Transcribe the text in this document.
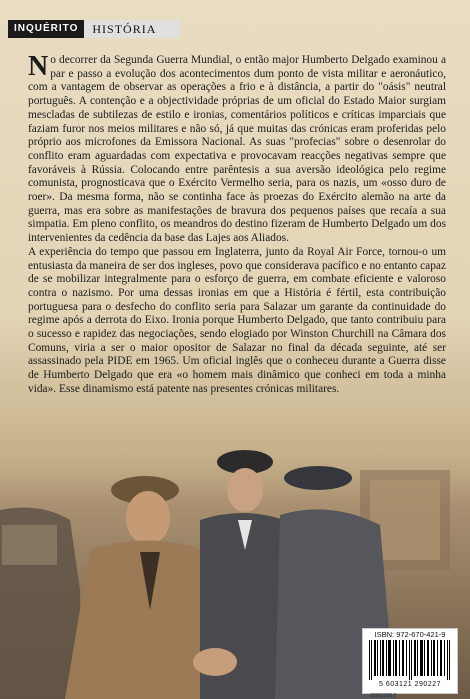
INQUÉRITO	HISTÓRIA

No decorrer da Segunda Guerra Mundial, o então major Humberto Delgado examinou a par e passo a evolução dos acontecimentos dum ponto de vista militar e aeronáutico, com a vantagem de observar as operações a frio e à distância, a partir do "oásis" neutral português. A contenção e a objectividade próprias de um oficial do Estado Maior surgiam mescladas de subtilezas de estilo e ironias, comentários políticos e críticas imparciais que faziam furor nos meios militares e não só, já que muitas das crónicas eram proferidas pelo próprio aos microfones da Emissora Nacional. As suas "profecias" sobre o desenrolar do conflito eram aguardadas com expectativa e provocavam reacções negativas sempre que favoráveis à Rússia. Colocando entre parêntesis a sua aversão ideológica pelo regime comunista, prognosticava que o Exército Vermelho seria, para os nazis, um «osso duro de roer». Da mesma forma, não se continha face às proezas do Exército alemão na arte da guerra, mas era sobre as manifestações de bravura dos pequenos países que recaía a sua simpatia. Em pleno conflito, os meandros do destino fizeram de Humberto Delgado um dos intervenientes da cedência da base das Lajes aos Aliados.

A experiência do tempo que passou em Inglaterra, junto da Royal Air Force, tornou-o um entusiasta da maneira de ser dos ingleses, povo que considerava pacífico e no entanto capaz de se mobilizar integralmente para o esforço de guerra, em combate eficiente e valoroso contra o nazismo. Por uma dessas ironias em que a História é fértil, esta contribuição portuguesa para o desfecho do conflito seria para Salazar um garante da continuidade do regime após a derrota do Eixo. Ironia porque Humberto Delgado, que tanto contribuiu para o sucesso e rapidez das negociações, sendo elogiado por Winston Churchill na Câmara dos Comuns, viria a ser o maior opositor de Salazar no final da década seguinte, até ser assassinado pela PIDE em 1965. Um oficial inglês que o conheceu durante a Guerra disse de Humberto Delgado que era «o homem mais dinâmico que conheci em toda a minha vida». Esse dinamismo está patente nas presentes crónicas militares.

ISBN: 972-670-421-9
5 603121 290227
82902208 2
